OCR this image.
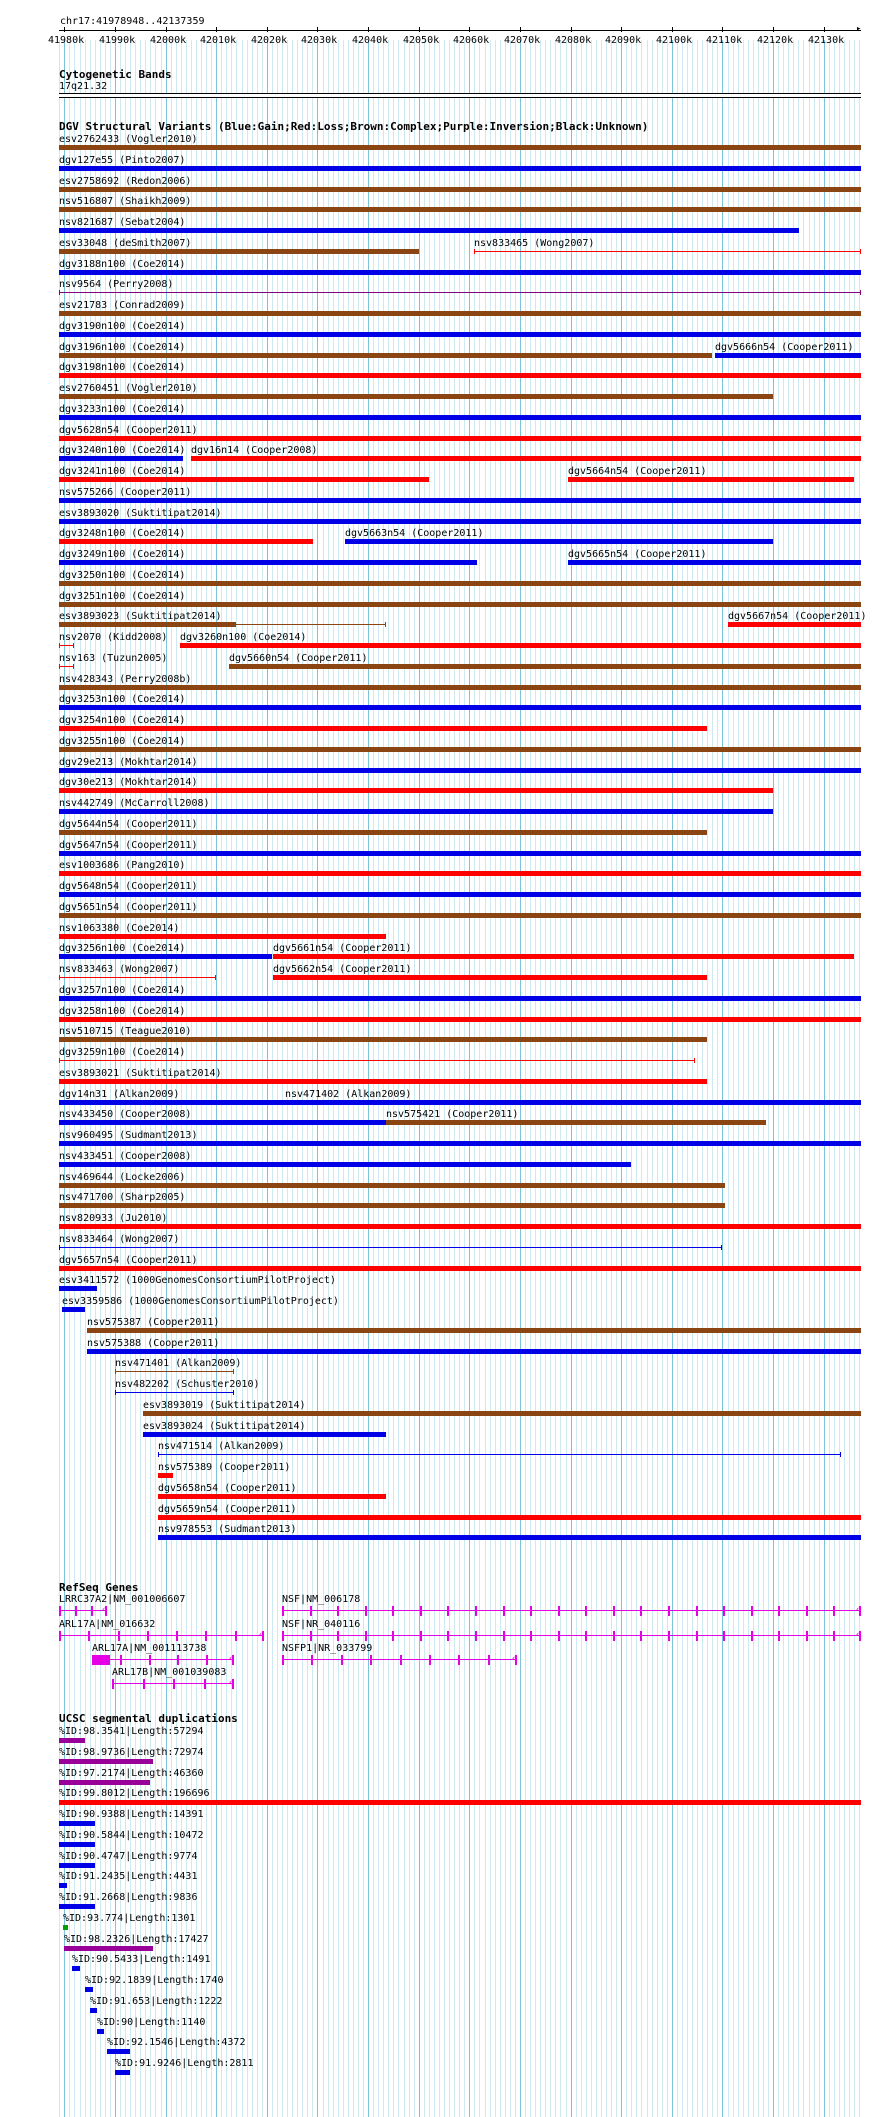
chr17:41978948..42137359
41980k 41990k 42000k 42010k 42020k 42030k 42040k 42050k 42060k 42070k 42080k 42090k 42100k 42110k 42120k 42130k
▸
Cytogenetic Bands
17q21.32
DGV Structural Variants (Blue:Gain;Red:Loss;Brown:Complex;Purple:Inversion;Black:Unknown)
esv2762433 (Vogler2010)
dgv127e55 (Pinto2007)
esv2758692 (Redon2006)
nsv516807 (Shaikh2009)
nsv821687 (Sebat2004)
esv33048 (deSmith2007)	nsv833465 (Wong2007)
dgv3188n100 (Coe2014)
nsv9564 (Perry2008)
esv21783 (Conrad2009)
dgv3190n100 (Coe2014)
dgv3196n100 (Coe2014)	dgv5666n54 (Cooper2011)
dgv3198n100 (Coe2014)
esv2760451 (Vogler2010)
dgv3233n100 (Coe2014)
dgv5628n54 (Cooper2011)
dgv3240n100 (Coe2014) dgv16n14 (Cooper2008)
dgv3241n100 (Coe2014)	dgv5664n54 (Cooper2011)
nsv575266 (Cooper2011)
esv3893020 (Suktitipat2014)
dgv3248n100 (Coe2014)	dgv5663n54 (Cooper2011)
dgv3249n100 (Coe2014)	dgv5665n54 (Cooper2011)
dgv3250n100 (Coe2014)
dgv3251n100 (Coe2014)
esv3893023 (Suktitipat2014)	dgv5667n54 (Cooper2011)
nsv2070 (Kidd2008) dgv3260n100 (Coe2014)
nsv163 (Tuzun2005)	dgv5660n54 (Cooper2011)
nsv428343 (Perry2008b)
dgv3253n100 (Coe2014)
dgv3254n100 (Coe2014)
dgv3255n100 (Coe2014)
dgv29e213 (Mokhtar2014)
dgv30e213 (Mokhtar2014)
nsv442749 (McCarroll2008)
dgv5644n54 (Cooper2011)
dgv5647n54 (Cooper2011)
esv1003686 (Pang2010)
dgv5648n54 (Cooper2011)
dgv5651n54 (Cooper2011)
nsv1063380 (Coe2014)
dgv3256n100 (Coe2014)	dgv5661n54 (Cooper2011)
nsv833463 (Wong2007)	dgv5662n54 (Cooper2011)
dgv3257n100 (Coe2014)
dgv3258n100 (Coe2014)
nsv510715 (Teague2010)
dgv3259n100 (Coe2014)
esv3893021 (Suktitipat2014)
dgv14n31 (Alkan2009)	nsv471402 (Alkan2009)
nsv433450 (Cooper2008)	nsv575421 (Cooper2011)
nsv960495 (Sudmant2013)
nsv433451 (Cooper2008)
nsv469644 (Locke2006)
nsv471700 (Sharp2005)
nsv820933 (Ju2010)
nsv833464 (Wong2007)
dgv5657n54 (Cooper2011)
esv3411572 (1000GenomesConsortiumPilotProject)
esv3359586 (1000GenomesConsortiumPilotProject)
nsv575387 (Cooper2011)
nsv575388 (Cooper2011)
nsv471401 (Alkan2009)
nsv482202 (Schuster2010)
esv3893019 (Suktitipat2014)
esv3893024 (Suktitipat2014)
nsv471514 (Alkan2009)
nsv575389 (Cooper2011)
dgv5658n54 (Cooper2011)
dgv5659n54 (Cooper2011)
nsv978553 (Sudmant2013)
RefSeq Genes
LRRC37A2|NM_001006607
‹
NSF|NM_006178
‹
ARL17A|NM_016632
‹
NSF|NR_040116
‹
ARL17A|NM_001113738
‹
NSFP1|NR_033799
‹
ARL17B|NM_001039083
‹
UCSC segmental duplications
%ID:98.3541|Length:57294
%ID:98.9736|Length:72974
%ID:97.2174|Length:46360
%ID:99.8012|Length:196696
%ID:90.9388|Length:14391
%ID:90.5844|Length:10472
%ID:90.4747|Length:9774
%ID:91.2435|Length:4431
%ID:91.2668|Length:9836
%ID:93.774|Length:1301
%ID:98.2326|Length:17427
%ID:90.5433|Length:1491
%ID:92.1839|Length:1740
%ID:91.653|Length:1222
%ID:90|Length:1140
%ID:92.1546|Length:4372
%ID:91.9246|Length:2811
